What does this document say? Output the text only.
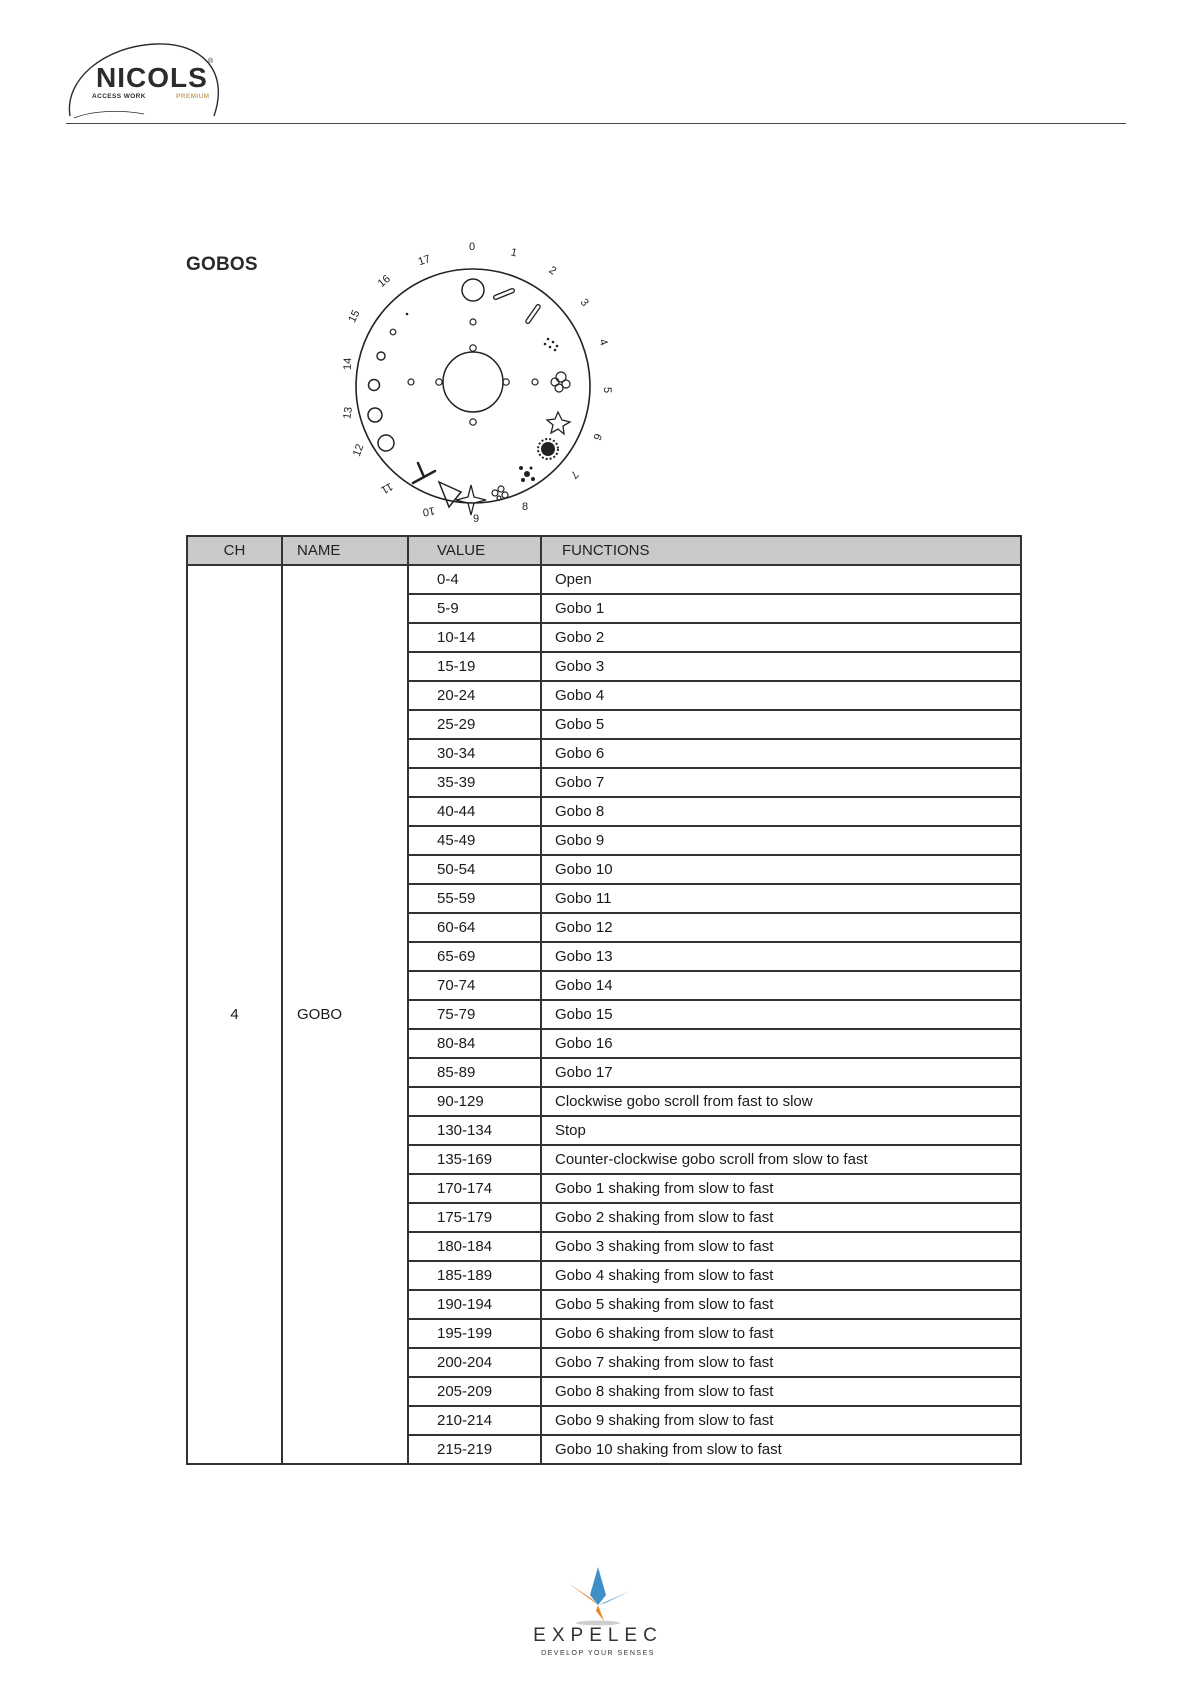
NICOLS
®
ACCESS WORK	PREMIUM
GOBOS
0	1
2
3
4
5
6
7
8
9
10
11
12
13
14
15
16
17
CH	NAME	VALUE	FUNCTIONS
4	GOBO	0-4	Open
		5-9	Gobo 1
		10-14	Gobo 2
		15-19	Gobo 3
		20-24	Gobo 4
		25-29	Gobo 5
		30-34	Gobo 6
		35-39	Gobo 7
		40-44	Gobo 8
		45-49	Gobo 9
		50-54	Gobo 10
		55-59	Gobo 11
		60-64	Gobo 12
		65-69	Gobo 13
		70-74	Gobo 14
		75-79	Gobo 15
		80-84	Gobo 16
		85-89	Gobo 17
		90-129	Clockwise gobo scroll from fast to slow
		130-134	Stop
		135-169	Counter-clockwise gobo scroll from slow to fast
		170-174	Gobo 1 shaking from slow to fast
		175-179	Gobo 2 shaking from slow to fast
		180-184	Gobo 3 shaking from slow to fast
		185-189	Gobo 4 shaking from slow to fast
		190-194	Gobo 5 shaking from slow to fast
		195-199	Gobo 6 shaking from slow to fast
		200-204	Gobo 7 shaking from slow to fast
		205-209	Gobo 8 shaking from slow to fast
		210-214	Gobo 9 shaking from slow to fast
		215-219	Gobo 10 shaking from slow to fast
EXPELEC
DEVELOP YOUR SENSES
